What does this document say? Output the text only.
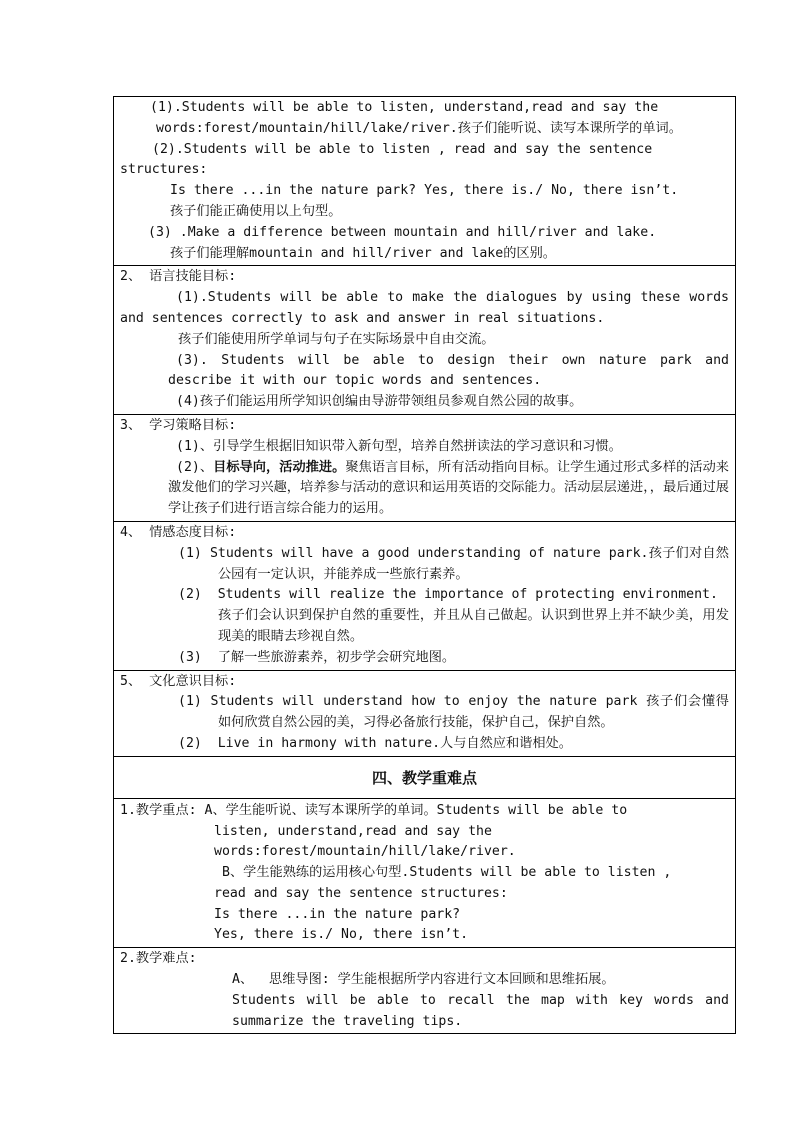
(1).Students will be able to listen, understand,read and say the
words:forest/mountain/hill/lake/river.孩子们能听说、读写本课所学的单词。
(2).Students will be able to listen , read and say the sentence
structures:
Is there ...in the nature park? Yes, there is./ No, there isn’t.
孩子们能正确使用以上句型。
(3) .Make a difference between mountain and hill/river and lake.
孩子们能理解mountain and hill/river and lake的区别。
2、 语言技能目标:
(1).Students will be able to make the dialogues by using these words and sentences correctly to ask and answer in real situations.
孩子们能使用所学单词与句子在实际场景中自由交流。
(3). Students will be able to design their own nature park and describe it with our topic words and sentences.
(4)孩子们能运用所学知识创编由导游带领组员参观自然公园的故事。
3、 学习策略目标:
(1)、引导学生根据旧知识带入新句型，培养自然拼读法的学习意识和习惯。
(2)、目标导向，活动推进。聚焦语言目标，所有活动指向目标。让学生通过形式多样的活动来激发他们的学习兴趣，培养参与活动的意识和运用英语的交际能力。活动层层递进，，最后通过展学让孩子们进行语言综合能力的运用。
4、 情感态度目标:
(1) Students will have a good understanding of nature park.孩子们对自然公园有一定认识，并能养成一些旅行素养。
(2)  Students will realize the importance of protecting environment.
孩子们会认识到保护自然的重要性，并且从自己做起。认识到世界上并不缺少美，用发现美的眼睛去珍视自然。
(3)  了解一些旅游素养，初步学会研究地图。
5、 文化意识目标:
(1) Students will understand how to enjoy the nature park 孩子们会懂得如何欣赏自然公园的美，习得必备旅行技能，保护自己，保护自然。
(2)  Live in harmony with nature.人与自然应和谐相处。
四、教学重难点
1.教学重点: A、学生能听说、读写本课所学的单词。Students will be able to
listen, understand,read and say the
words:forest/mountain/hill/lake/river.
B、学生能熟练的运用核心句型.Students will be able to listen ,
read and say the sentence structures:
Is there ...in the nature park?
Yes, there is./ No, there isn’t.
2.教学难点:
A、  思维导图: 学生能根据所学内容进行文本回顾和思维拓展。
Students will be able to recall the map with key words and summarize the traveling tips.
